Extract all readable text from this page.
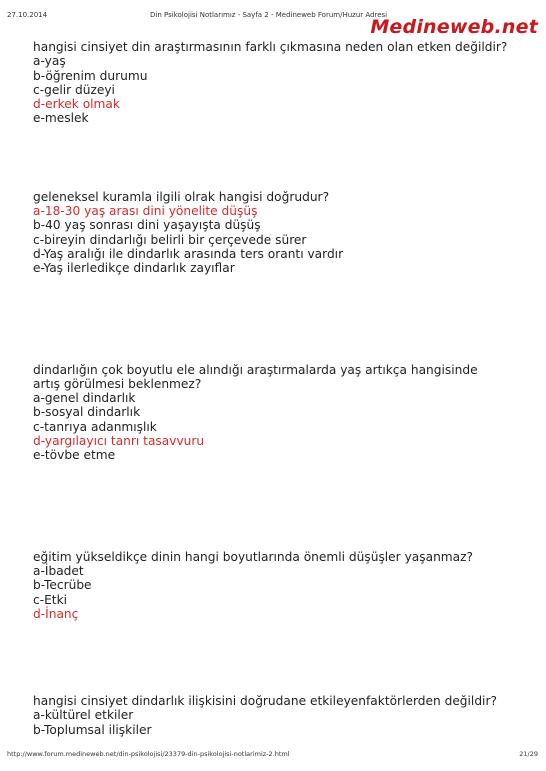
27.10.2014	Din Psikolojisi Notlarımız - Sayfa 2 - Medineweb Forum/Huzur Adresi
Medineweb.net
hangisi cinsiyet din araştırmasının farklı çıkmasına neden olan etken değildir?
a-yaş
b-öğrenim durumu
c-gelir düzeyi
d-erkek olmak
e-meslek
geleneksel kuramla ilgili olrak hangisi doğrudur?
a-18-30 yaş arası dini yönelite düşüş
b-40 yaş sonrası dini yaşayışta düşüş
c-bireyin dindarlığı belirli bir çerçevede sürer
d-Yaş aralığı ile dindarlık arasında ters orantı vardır
e-Yaş ilerledikçe dindarlık zayıflar
dindarlığın çok boyutlu ele alındığı araştırmalarda yaş artıkça hangisinde artış görülmesi beklenmez?
a-genel dindarlık
b-sosyal dindarlık
c-tanrıya adanmışlık
d-yargılayıcı tanrı tasavvuru
e-tövbe etme
eğitim yükseldikçe dinin hangi boyutlarında önemli düşüşler yaşanmaz?
a-İbadet
b-Tecrübe
c-Etki
d-İnanç
hangisi cinsiyet dindarlık ilişkisini doğrudane etkileyenfaktörlerden değildir?
a-kültürel etkiler
b-Toplumsal ilişkiler
http://www.forum.medineweb.net/din-psikolojisi/23379-din-psikolojisi-notlarimiz-2.html	21/29
